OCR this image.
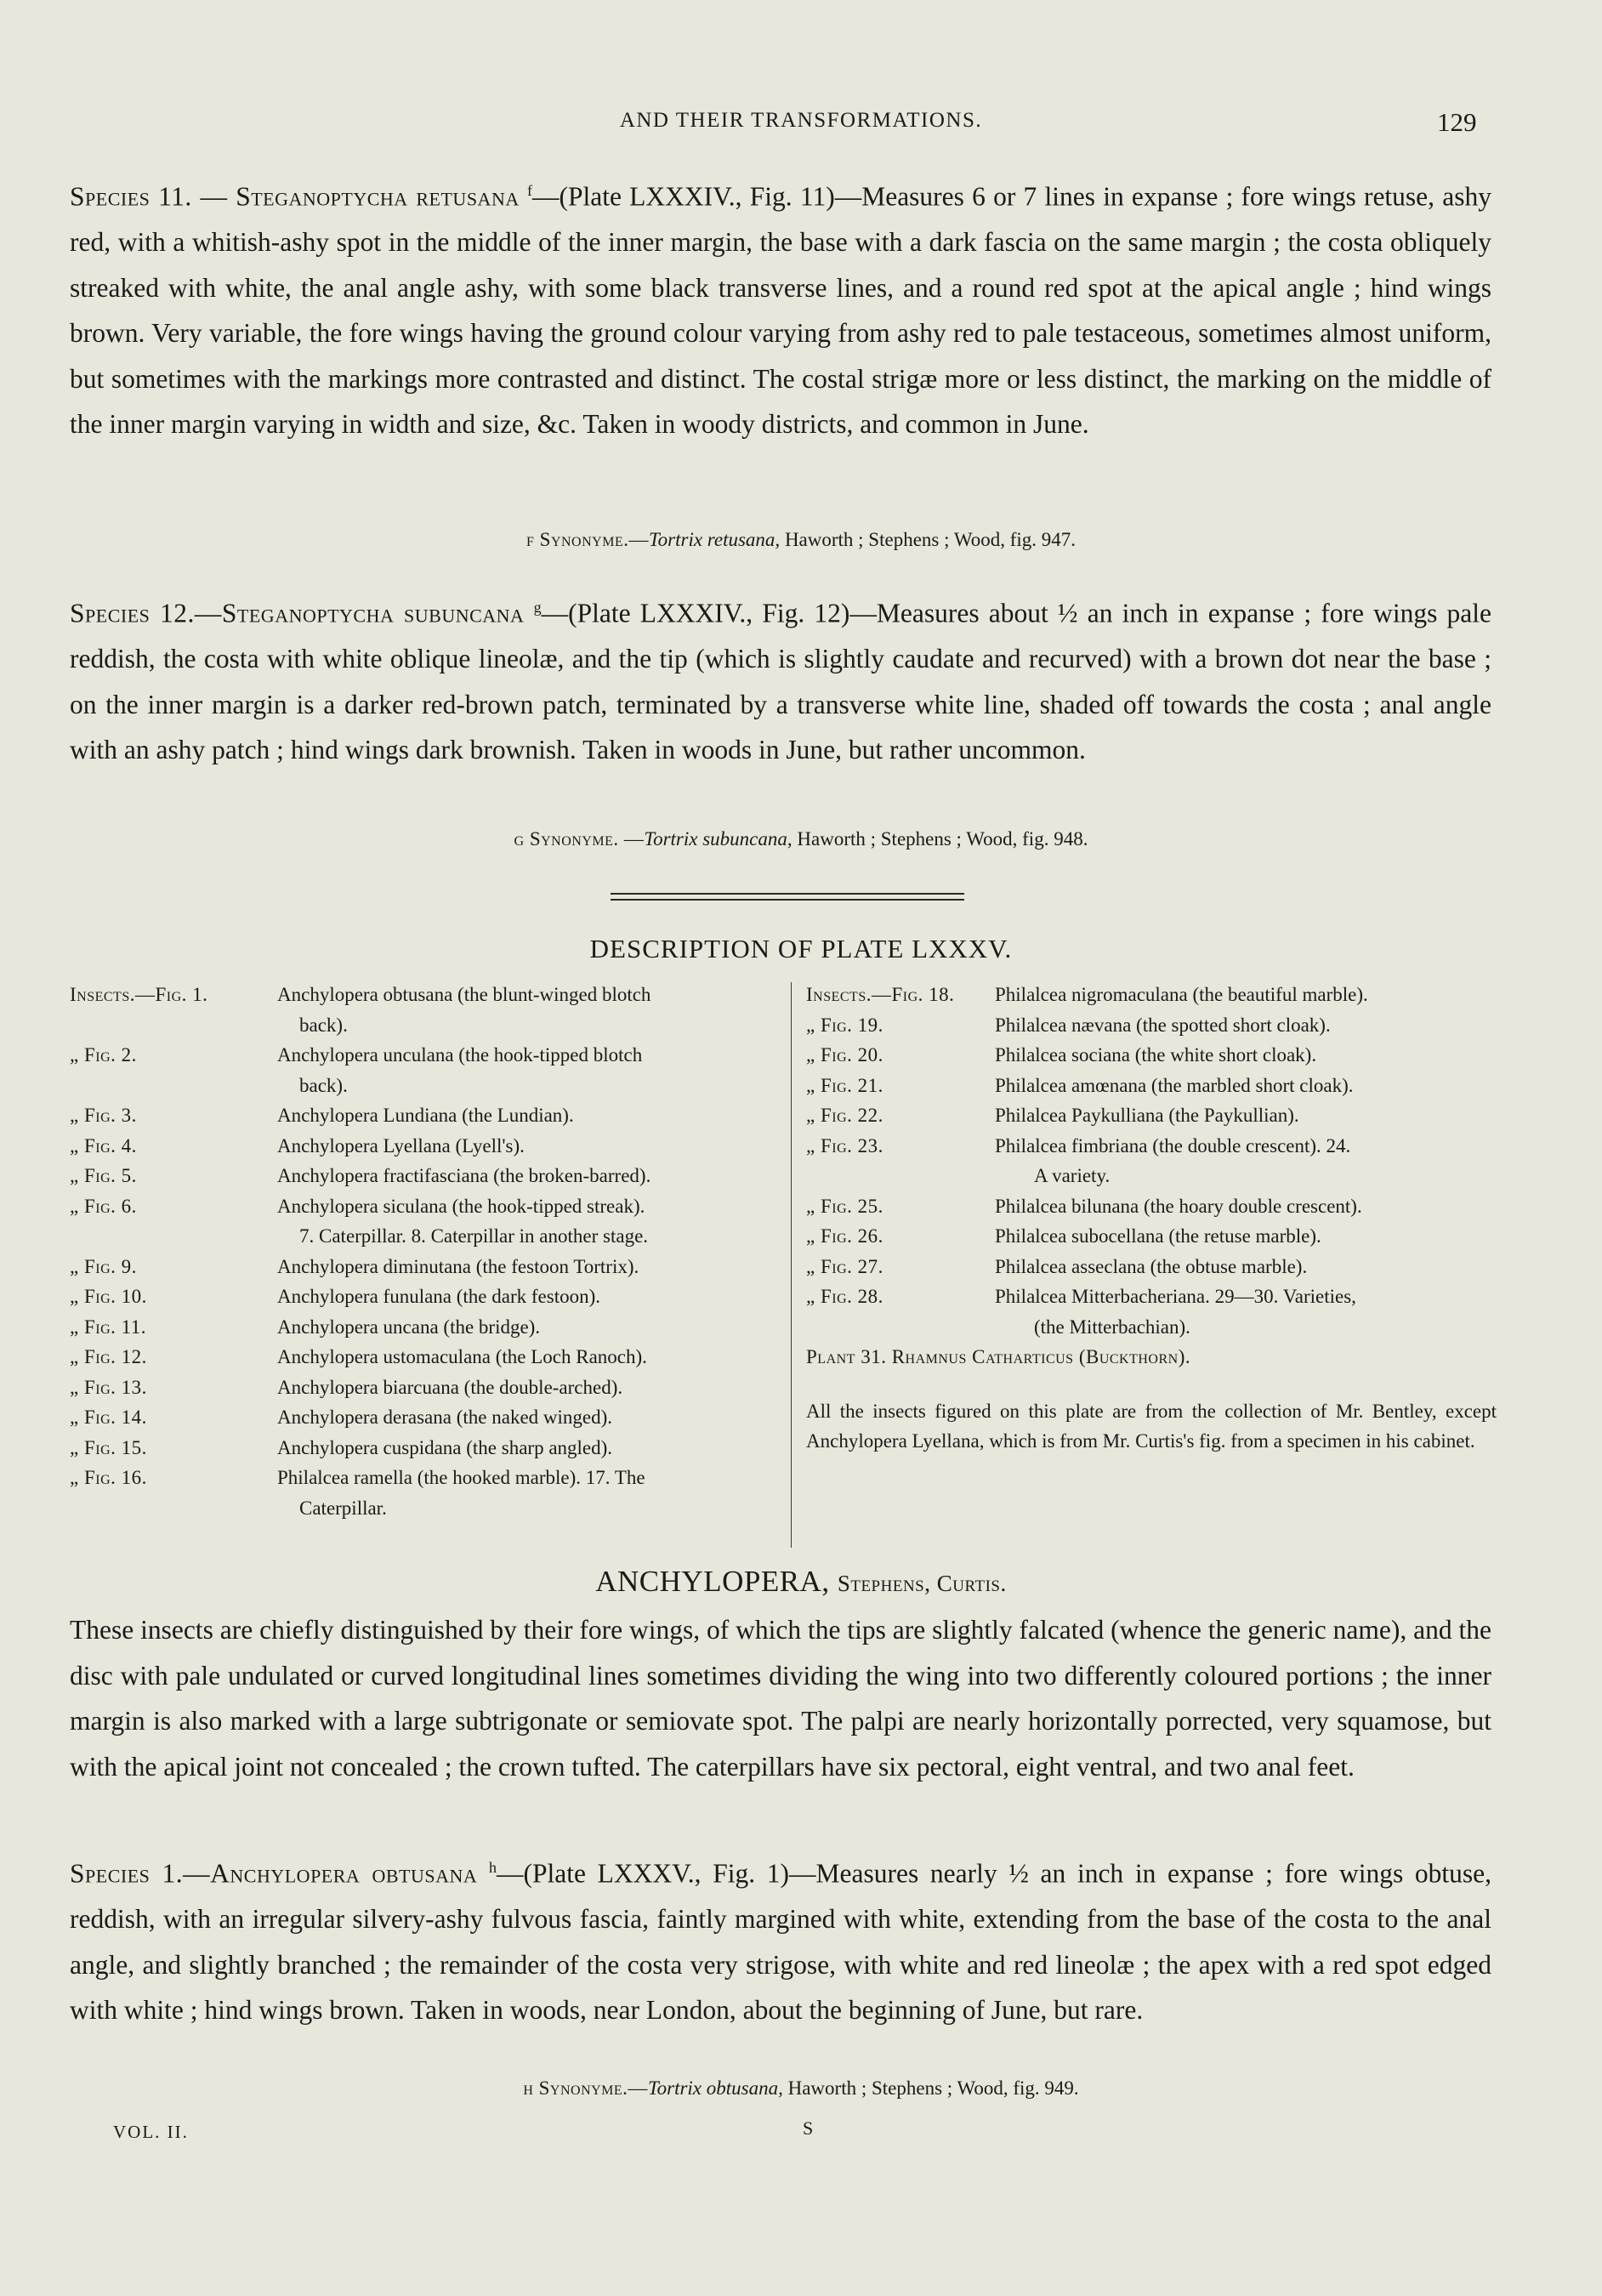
AND THEIR TRANSFORMATIONS.	129
Species 11. — Steganoptycha retusana $^f$—(Plate LXXXIV., Fig. 11)—Measures 6 or 7 lines in expanse ; fore wings retuse, ashy red, with a whitish-ashy spot in the middle of the inner margin, the base with a dark fascia on the same margin ; the costa obliquely streaked with white, the anal angle ashy, with some black transverse lines, and a round red spot at the apical angle ; hind wings brown. Very variable, the fore wings having the ground colour varying from ashy red to pale testaceous, sometimes almost uniform, but sometimes with the markings more contrasted and distinct. The costal strigæ more or less distinct, the marking on the middle of the inner margin varying in width and size, &c. Taken in woody districts, and common in June.
f Synonyme.—Tortrix retusana, Haworth ; Stephens ; Wood, fig. 947.
Species 12.—Steganoptycha subuncana $^g$—(Plate LXXXIV., Fig. 12)—Measures about ½ an inch in expanse ; fore wings pale reddish, the costa with white oblique lineolæ, and the tip (which is slightly caudate and recurved) with a brown dot near the base ; on the inner margin is a darker red-brown patch, terminated by a transverse white line, shaded off towards the costa ; anal angle with an ashy patch ; hind wings dark brownish. Taken in woods in June, but rather uncommon.
g Synonyme. —Tortrix subuncana, Haworth ; Stephens ; Wood, fig. 948.
DESCRIPTION OF PLATE LXXXV.
Insects.—Fig. 1.	Anchylopera obtusana (the blunt-winged blotch
back).
„ Fig. 2.	Anchylopera unculana (the hook-tipped blotch
back).
„ Fig. 3.	Anchylopera Lundiana (the Lundian).
„ Fig. 4.	Anchylopera Lyellana (Lyell's).
„ Fig. 5.	Anchylopera fractifasciana (the broken-barred).
„ Fig. 6.	Anchylopera siculana (the hook-tipped streak).
7. Caterpillar. 8. Caterpillar in another stage.
„ Fig. 9.	Anchylopera diminutana (the festoon Tortrix).
„ Fig. 10.	Anchylopera funulana (the dark festoon).
„ Fig. 11.	Anchylopera uncana (the bridge).
„ Fig. 12.	Anchylopera ustomaculana (the Loch Ranoch).
„ Fig. 13.	Anchylopera biarcuana (the double-arched).
„ Fig. 14.	Anchylopera derasana (the naked winged).
„ Fig. 15.	Anchylopera cuspidana (the sharp angled).
„ Fig. 16.	Philalcea ramella (the hooked marble). 17. The
Caterpillar.
Insects.—Fig. 18. Philalcea nigromaculana (the beautiful marble).
„ Fig. 19.	Philalcea nævana (the spotted short cloak).
„ Fig. 20.	Philalcea sociana (the white short cloak).
„ Fig. 21.	Philalcea amœnana (the marbled short cloak).
„ Fig. 22.	Philalcea Paykulliana (the Paykullian).
„ Fig. 23.	Philalcea fimbriana (the double crescent). 24.
A variety.
„ Fig. 25.	Philalcea bilunana (the hoary double crescent).
„ Fig. 26.	Philalcea subocellana (the retuse marble).
„ Fig. 27.	Philalcea asseclana (the obtuse marble).
„ Fig. 28.	Philalcea Mitterbacheriana. 29—30. Varieties,
(the Mitterbachian).
Plant 31. Rhamnus Catharticus (Buckthorn).
All the insects figured on this plate are from the collection of Mr. Bentley, except Anchylopera Lyellana, which is from Mr. Curtis's fig. from a specimen in his cabinet.
ANCHYLOPERA, Stephens, Curtis.
These insects are chiefly distinguished by their fore wings, of which the tips are slightly falcated (whence the generic name), and the disc with pale undulated or curved longitudinal lines sometimes dividing the wing into two differently coloured portions ; the inner margin is also marked with a large subtrigonate or semiovate spot. The palpi are nearly horizontally porrected, very squamose, but with the apical joint not concealed ; the crown tufted. The caterpillars have six pectoral, eight ventral, and two anal feet.
Species 1.—Anchylopera obtusana $^h$—(Plate LXXXV., Fig. 1)—Measures nearly ½ an inch in expanse ; fore wings obtuse, reddish, with an irregular silvery-ashy fulvous fascia, faintly margined with white, extending from the base of the costa to the anal angle, and slightly branched ; the remainder of the costa very strigose, with white and red lineolæ ; the apex with a red spot edged with white ; hind wings brown. Taken in woods, near London, about the beginning of June, but rare.
h Synonyme.—Tortrix obtusana, Haworth ; Stephens ; Wood, fig. 949.
VOL. II.	S
